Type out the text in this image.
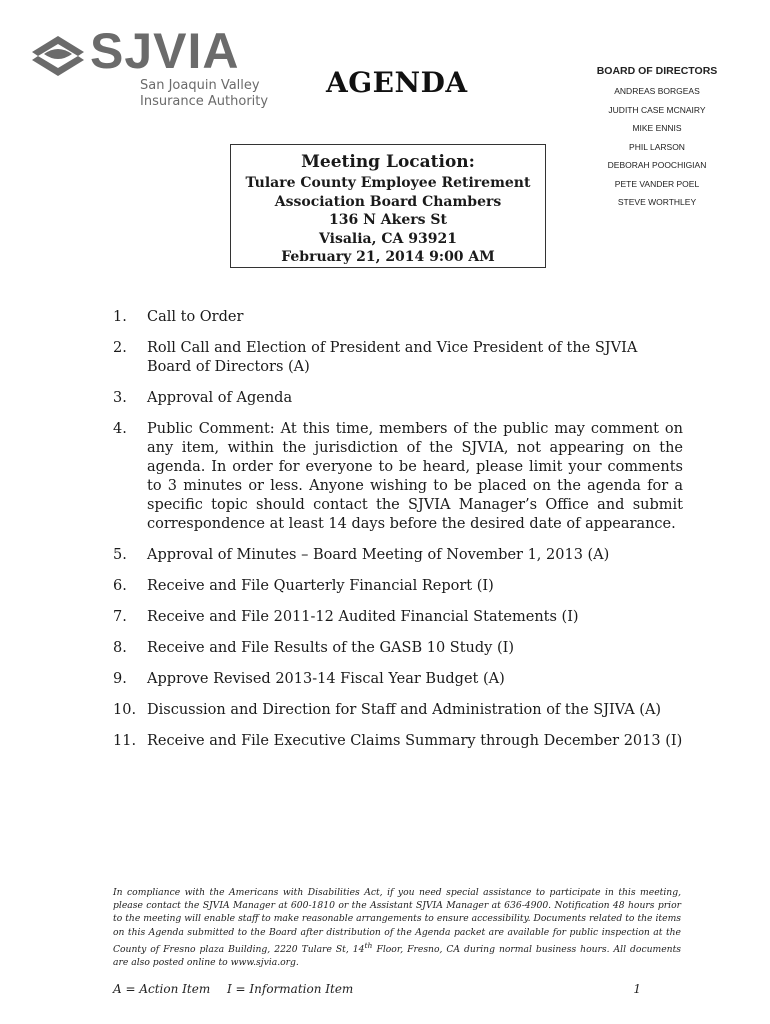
SJVIA
San Joaquin Valley
Insurance Authority
AGENDA	BOARD OF DIRECTORS
ANDREAS BORGEAS
JUDITH CASE MCNAIRY
MIKE ENNIS
PHIL LARSON
DEBORAH POOCHIGIAN
PETE VANDER POEL
STEVE WORTHLEY
Meeting Location:
Tulare County Employee Retirement
Association Board Chambers
136 N Akers St
Visalia, CA 93921
February 21, 2014 9:00 AM
1. Call to Order
2. Roll Call and Election of President and Vice President of the SJVIA Board of Directors (A)
3. Approval of Agenda
4. Public Comment: At this time, members of the public may comment on any item, within the jurisdiction of the SJVIA, not appearing on the agenda. In order for everyone to be heard, please limit your comments to 3 minutes or less. Anyone wishing to be placed on the agenda for a specific topic should contact the SJVIA Manager’s Office and submit correspondence at least 14 days before the desired date of appearance.
5. Approval of Minutes – Board Meeting of November 1, 2013 (A)
6. Receive and File Quarterly Financial Report (I)
7. Receive and File 2011-12 Audited Financial Statements (I)
8. Receive and File Results of the GASB 10 Study (I)
9. Approve Revised 2013-14 Fiscal Year Budget (A)
10. Discussion and Direction for Staff and Administration of the SJIVA (A)
11. Receive and File Executive Claims Summary through December 2013 (I)
In compliance with the Americans with Disabilities Act, if you need special assistance to participate in this meeting, please contact the SJVIA Manager at 600-1810 or the Assistant SJVIA Manager at 636-4900. Notification 48 hours prior to the meeting will enable staff to make reasonable arrangements to ensure accessibility. Documents related to the items on this Agenda submitted to the Board after distribution of the Agenda packet are available for public inspection at the County of Fresno plaza Building, 2220 Tulare St, 14th Floor, Fresno, CA during normal business hours. All documents are also posted online to www.sjvia.org.
A = Action Item I = Information Item	1
